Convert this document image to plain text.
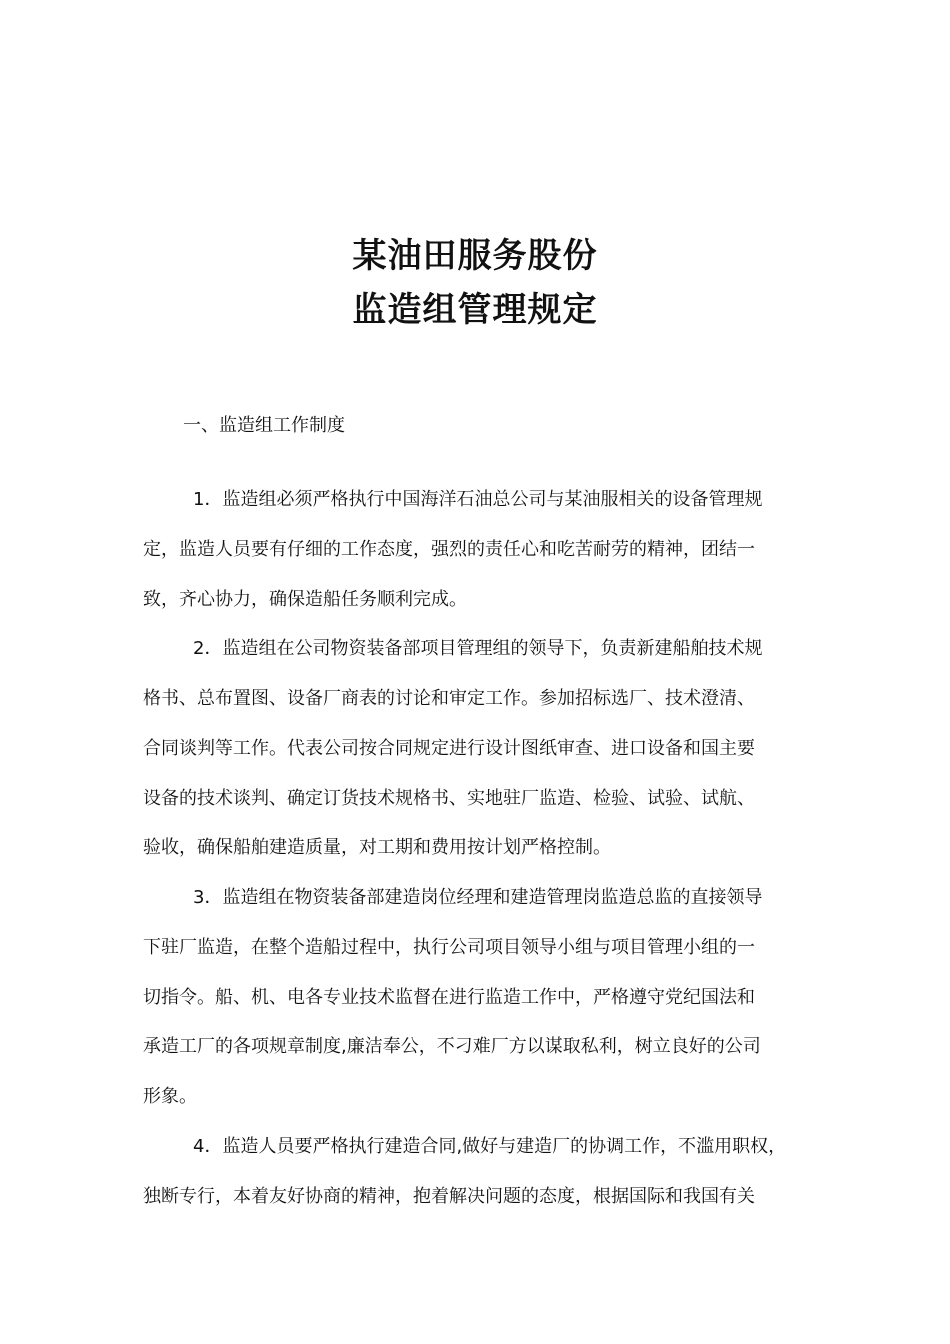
某油田服务股份
监造组管理规定
一、监造组工作制度
1．监造组必须严格执行中国海洋石油总公司与某油服相关的设备管理规
定，监造人员要有仔细的工作态度，强烈的责任心和吃苦耐劳的精神，团结一
致，齐心协力，确保造船任务顺利完成。
2．监造组在公司物资装备部项目管理组的领导下，负责新建船舶技术规
格书、总布置图、设备厂商表的讨论和审定工作。参加招标选厂、技术澄清、
合同谈判等工作。代表公司按合同规定进行设计图纸审查、进口设备和国主要
设备的技术谈判、确定订货技术规格书、实地驻厂监造、检验、试验、试航、
验收，确保船舶建造质量，对工期和费用按计划严格控制。
3．监造组在物资装备部建造岗位经理和建造管理岗监造总监的直接领导
下驻厂监造，在整个造船过程中，执行公司项目领导小组与项目管理小组的一
切指令。船、机、电各专业技术监督在进行监造工作中，严格遵守党纪国法和
承造工厂的各项规章制度,廉洁奉公，不刁难厂方以谋取私利，树立良好的公司
形象。
4．监造人员要严格执行建造合同,做好与建造厂的协调工作，不滥用职权，
独断专行，本着友好协商的精神，抱着解决问题的态度，根据国际和我国有关
